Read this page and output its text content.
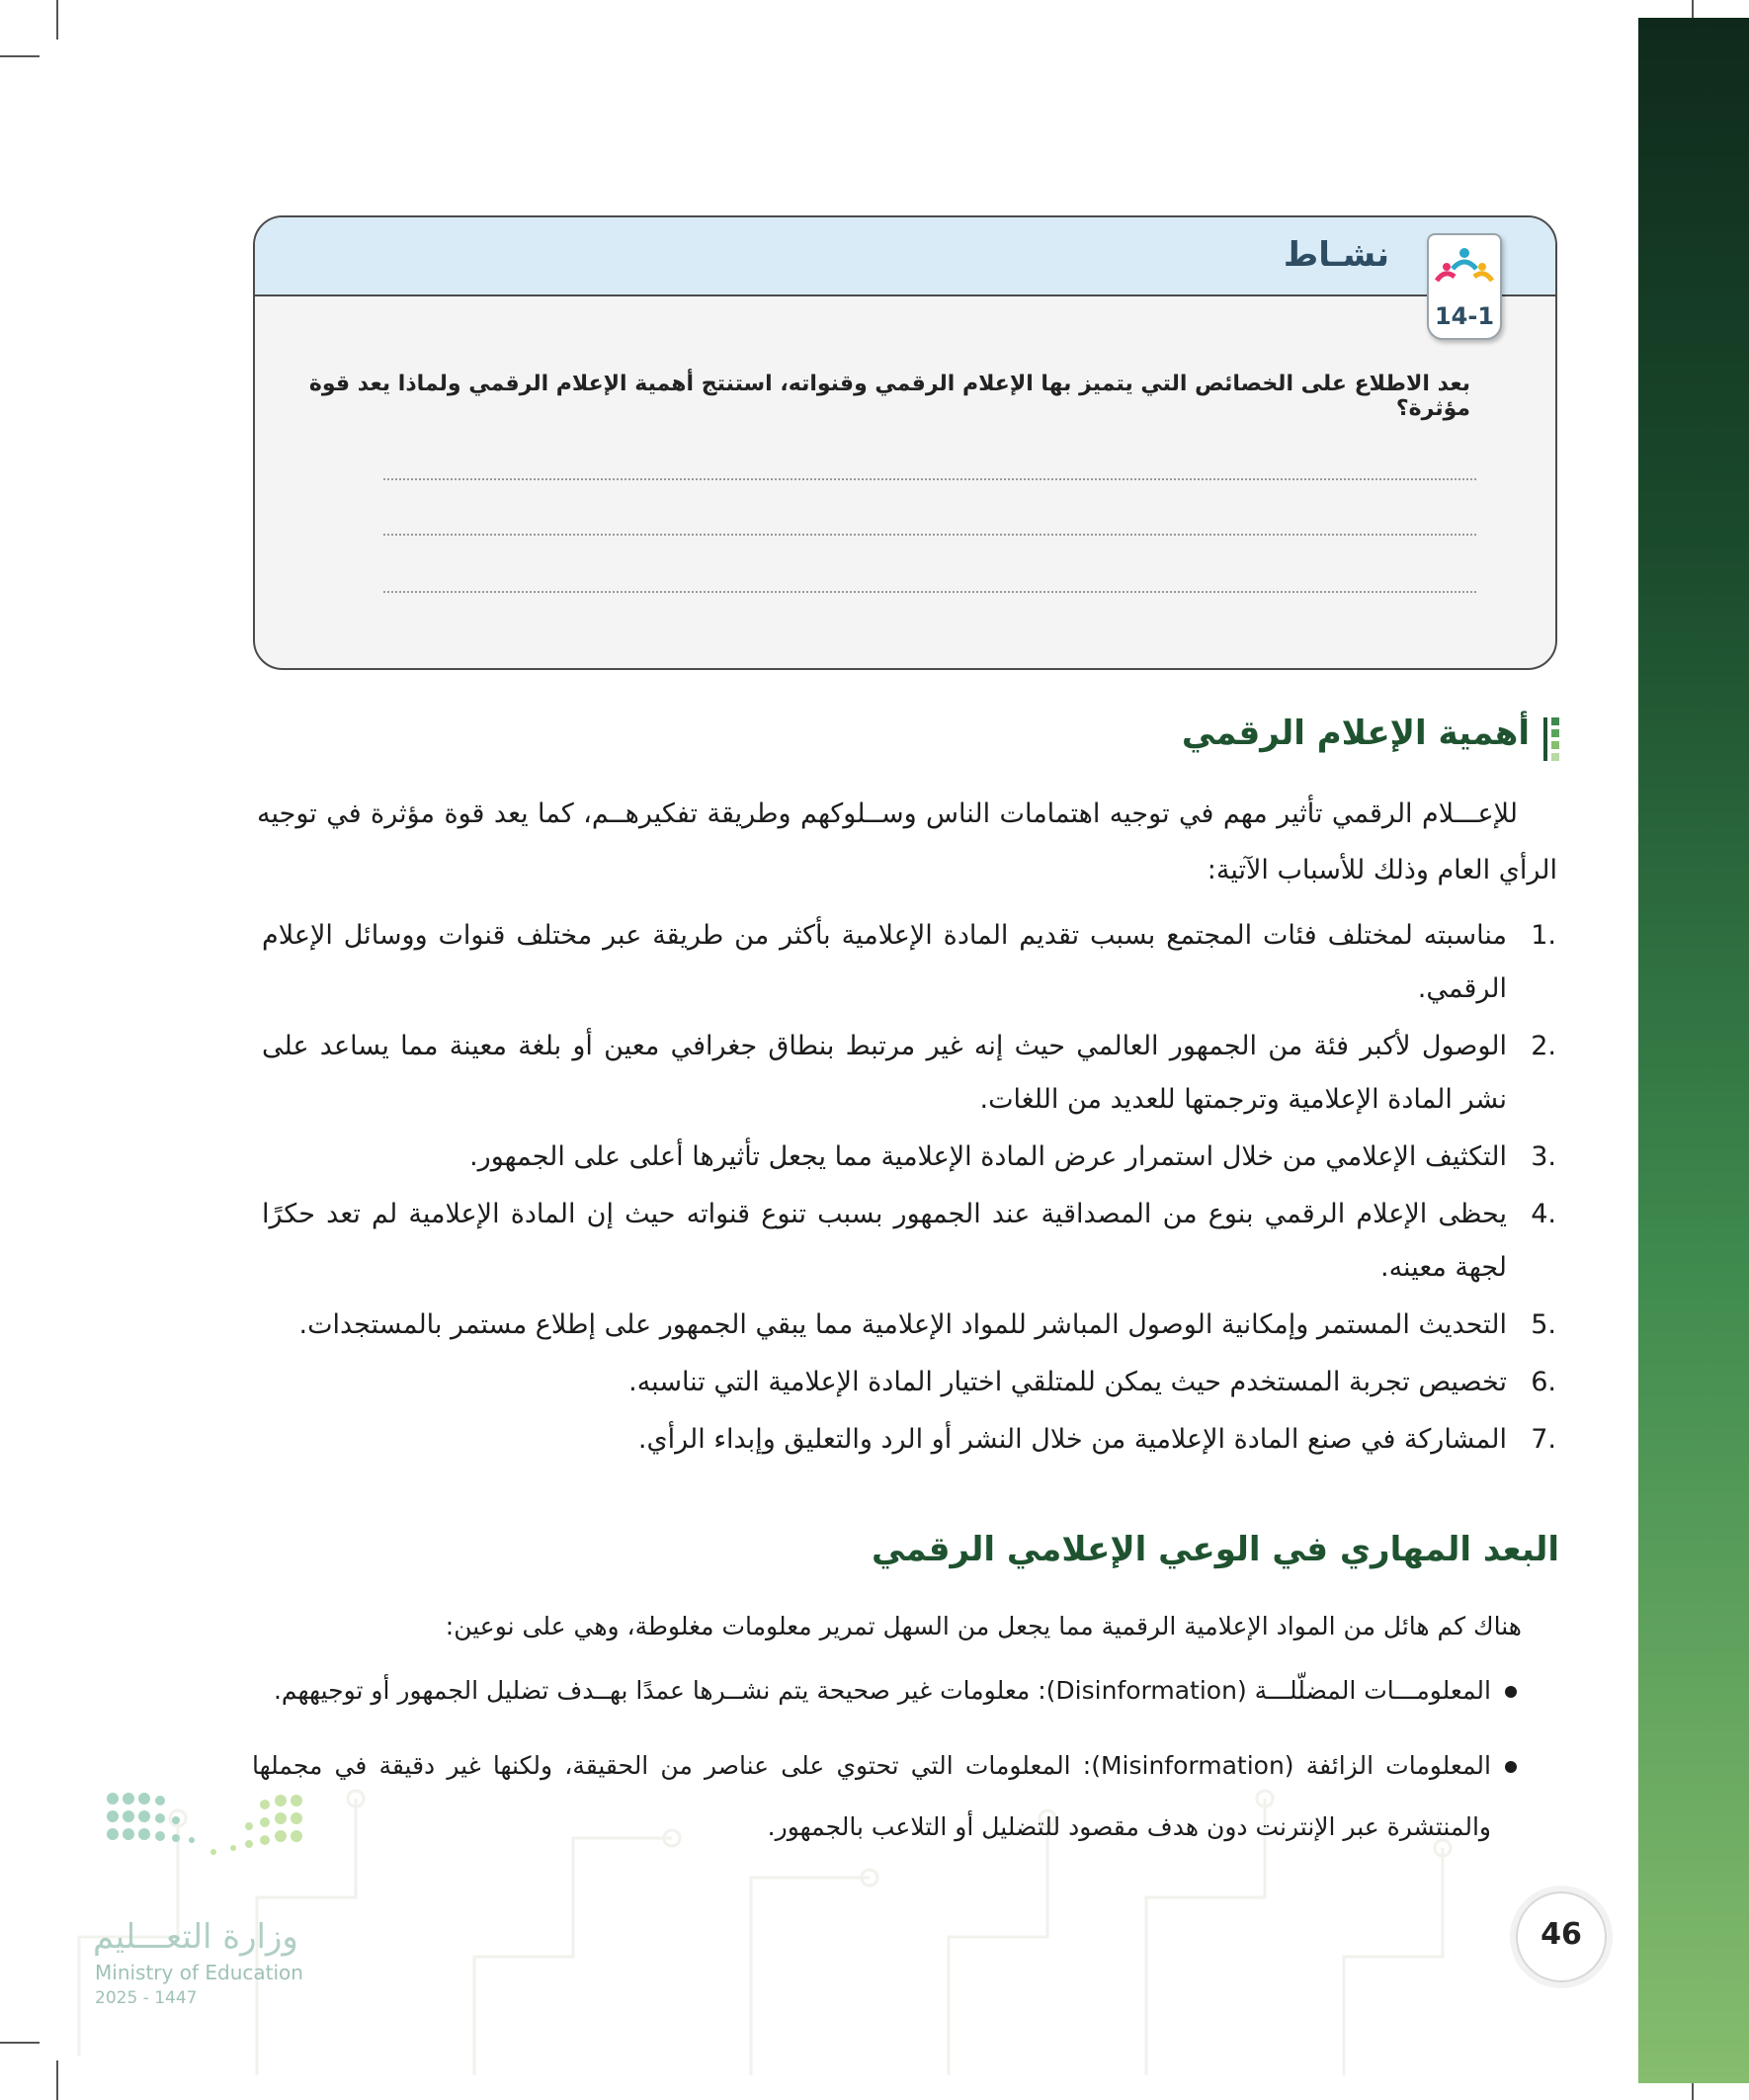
نشـاط
بعد الاطلاع على الخصائص التي يتميز بها الإعلام الرقمي وقنواته، استنتج أهمية الإعلام الرقمي ولماذا يعد قوة مؤثرة؟
14-1
أهمية الإعلام الرقمي
للإعـــلام الرقمي تأثير مهم في توجيه اهتمامات الناس وســلوكهم وطريقة تفكيرهــم، كما يعد قوة مؤثرة في توجيه الرأي العام وذلك للأسباب الآتية:
.1
مناسبته لمختلف فئات المجتمع بسبب تقديم المادة الإعلامية بأكثر من طريقة عبر مختلف قنوات ووسائل الإعلام الرقمي.
.2
الوصول لأكبر فئة من الجمهور العالمي حيث إنه غير مرتبط بنطاق جغرافي معين أو بلغة معينة مما يساعد على نشر المادة الإعلامية وترجمتها للعديد من اللغات.
.3
التكثيف الإعلامي من خلال استمرار عرض المادة الإعلامية مما يجعل تأثيرها أعلى على الجمهور.
.4
يحظى الإعلام الرقمي بنوع من المصداقية عند الجمهور بسبب تنوع قنواته حيث إن المادة الإعلامية لم تعد حكرًا لجهة معينه.
.5
التحديث المستمر وإمكانية الوصول المباشر للمواد الإعلامية مما يبقي الجمهور على إطلاع مستمر بالمستجدات.
.6
تخصيص تجربة المستخدم حيث يمكن للمتلقي اختيار المادة الإعلامية التي تناسبه.
.7
المشاركة في صنع المادة الإعلامية من خلال النشر أو الرد والتعليق وإبداء الرأي.
البعد المهاري في الوعي الإعلامي الرقمي
هناك كم هائل من المواد الإعلامية الرقمية مما يجعل من السهل تمرير معلومات مغلوطة، وهي على نوعين:
المعلومـــات المضلّلـــة (Disinformation): معلومات غير صحيحة يتم نشــرها عمدًا بهــدف تضليل الجمهور أو توجيههم.
المعلومات الزائفة (Misinformation): المعلومات التي تحتوي على عناصر من الحقيقة، ولكنها غير دقيقة في مجملها والمنتشرة عبر الإنترنت دون هدف مقصود للتضليل أو التلاعب بالجمهور.
وزارة التعـــليم
Ministry of Education
2025 - 1447
46
